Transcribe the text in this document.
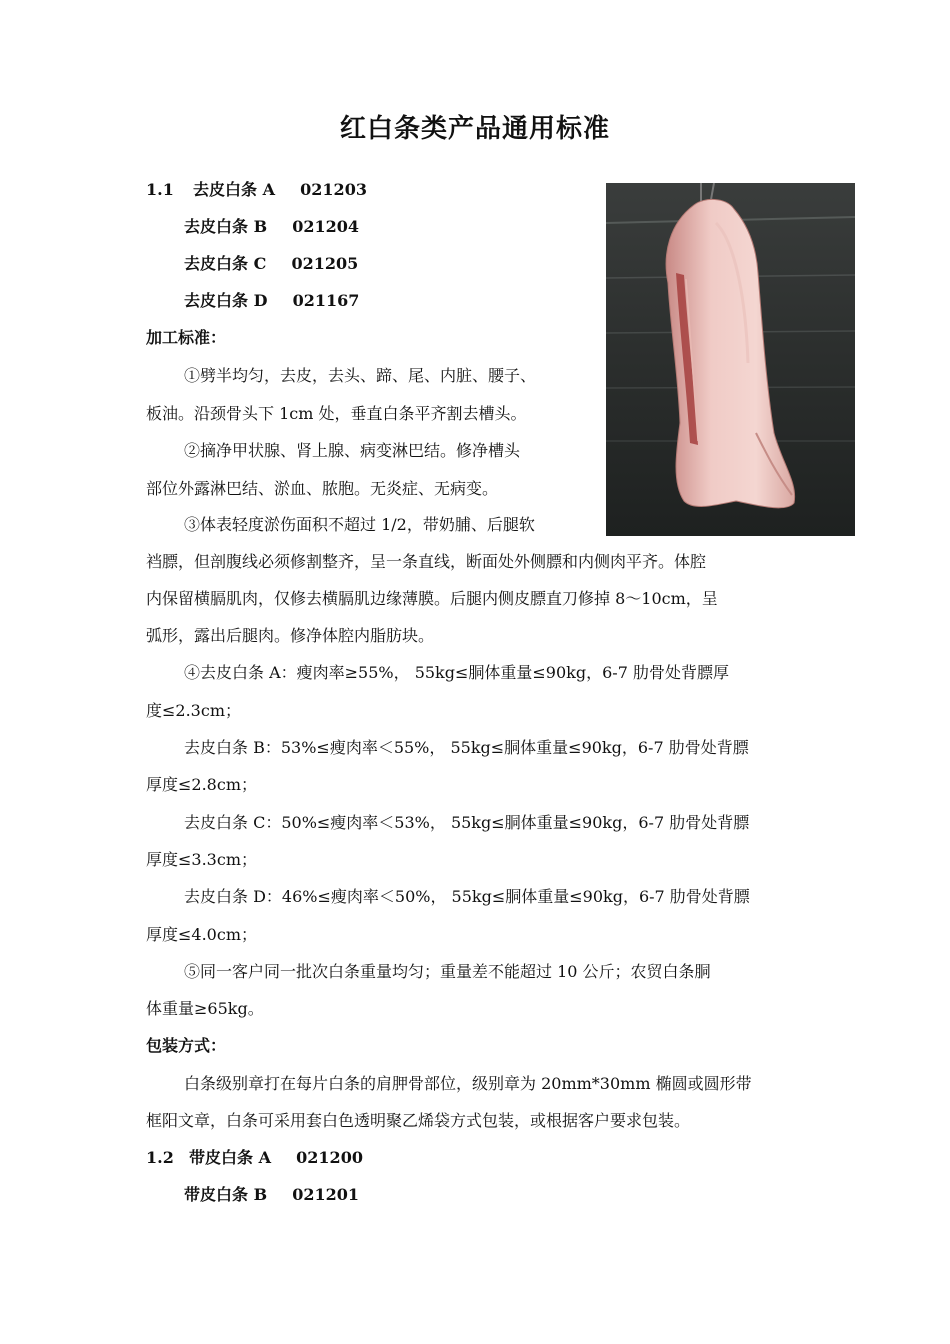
红白条类产品通用标准
1.1 去皮白条 A 021203
去皮白条 B 021204
去皮白条 C 021205
去皮白条 D 021167
加工标准：
①劈半均匀，去皮，去头、蹄、尾、内脏、腰子、
板油。沿颈骨头下 1cm 处，垂直白条平齐割去槽头。
②摘净甲状腺、肾上腺、病变淋巴结。修净槽头
部位外露淋巴结、淤血、脓胞。无炎症、无病变。
③体表轻度淤伤面积不超过 1/2，带奶脯、后腿软
裆膘，但剖腹线必须修割整齐，呈一条直线，断面处外侧膘和内侧肉平齐。体腔
内保留横膈肌肉，仅修去横膈肌边缘薄膜。后腿内侧皮膘直刀修掉 8～10cm，呈
弧形，露出后腿肉。修净体腔内脂肪块。
④去皮白条 A：瘦肉率≥55%， 55kg≤胴体重量≤90kg，6-7 肋骨处背膘厚
度≤2.3cm；
去皮白条 B：53%≤瘦肉率＜55%， 55kg≤胴体重量≤90kg，6-7 肋骨处背膘
厚度≤2.8cm；
去皮白条 C：50%≤瘦肉率＜53%， 55kg≤胴体重量≤90kg，6-7 肋骨处背膘
厚度≤3.3cm；
去皮白条 D：46%≤瘦肉率＜50%， 55kg≤胴体重量≤90kg，6-7 肋骨处背膘
厚度≤4.0cm；
⑤同一客户同一批次白条重量均匀；重量差不能超过 10 公斤；农贸白条胴
体重量≥65kg。
包装方式：
白条级别章打在每片白条的肩胛骨部位，级别章为 20mm*30mm 椭圆或圆形带
框阳文章，白条可采用套白色透明聚乙烯袋方式包装，或根据客户要求包装。
1.2 带皮白条 A 021200
带皮白条 B 021201
